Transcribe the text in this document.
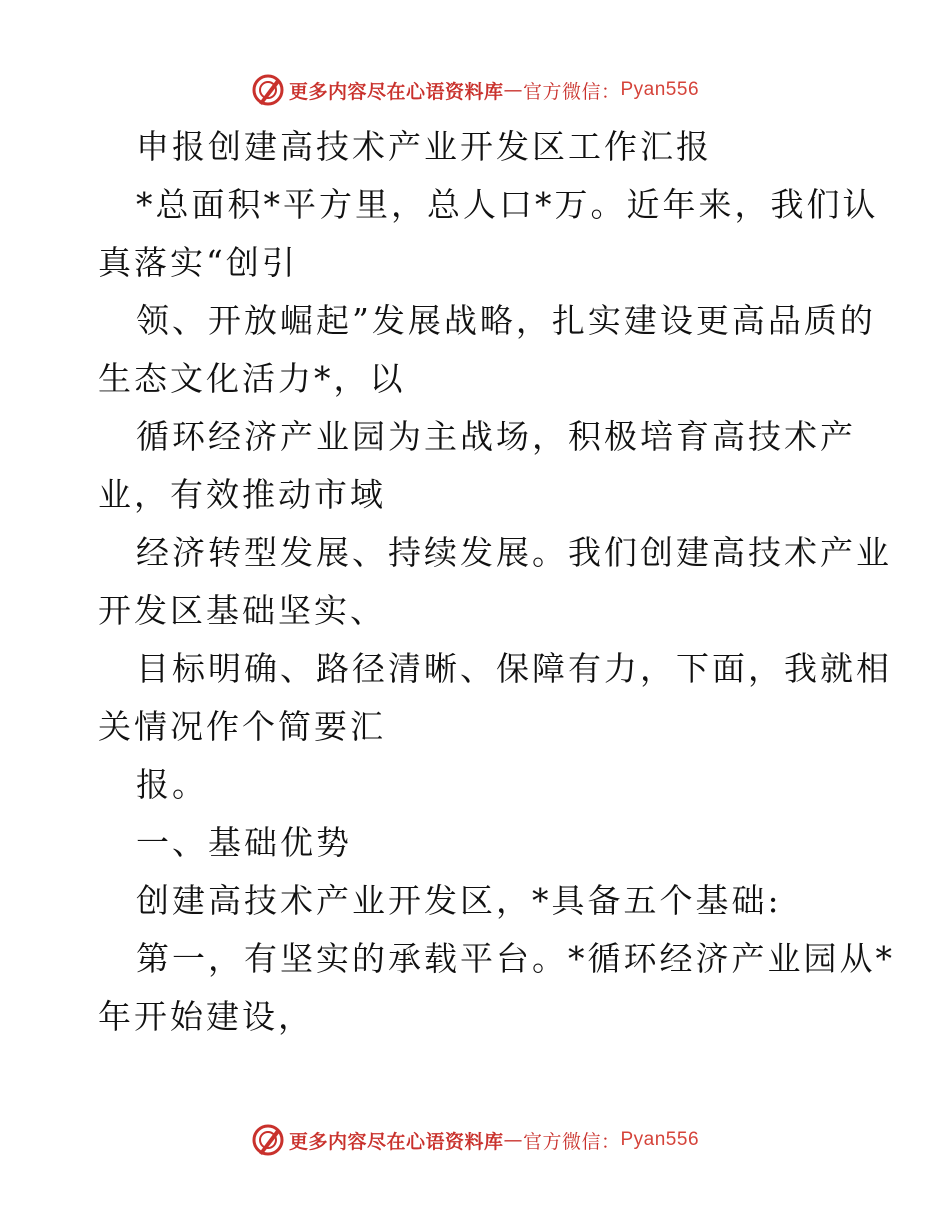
更多内容尽在心语资料库 — 官方微信： Pyan556

申报创建高技术产业开发区工作汇报

*总面积*平方里，总人口*万。近年来，我们认

真落实“创引

领、开放崛起”发展战略，扎实建设更高品质的

生态文化活力*，以

循环经济产业园为主战场，积极培育高技术产

业，有效推动市域

经济转型发展、持续发展。我们创建高技术产业

开发区基础坚实、

目标明确、路径清晰、保障有力，下面，我就相

关情况作个简要汇

报。

一、基础优势

创建高技术产业开发区，*具备五个基础:

第一，有坚实的承载平台。*循环经济产业园从*

年开始建设，

更多内容尽在心语资料库 — 官方微信： Pyan556
